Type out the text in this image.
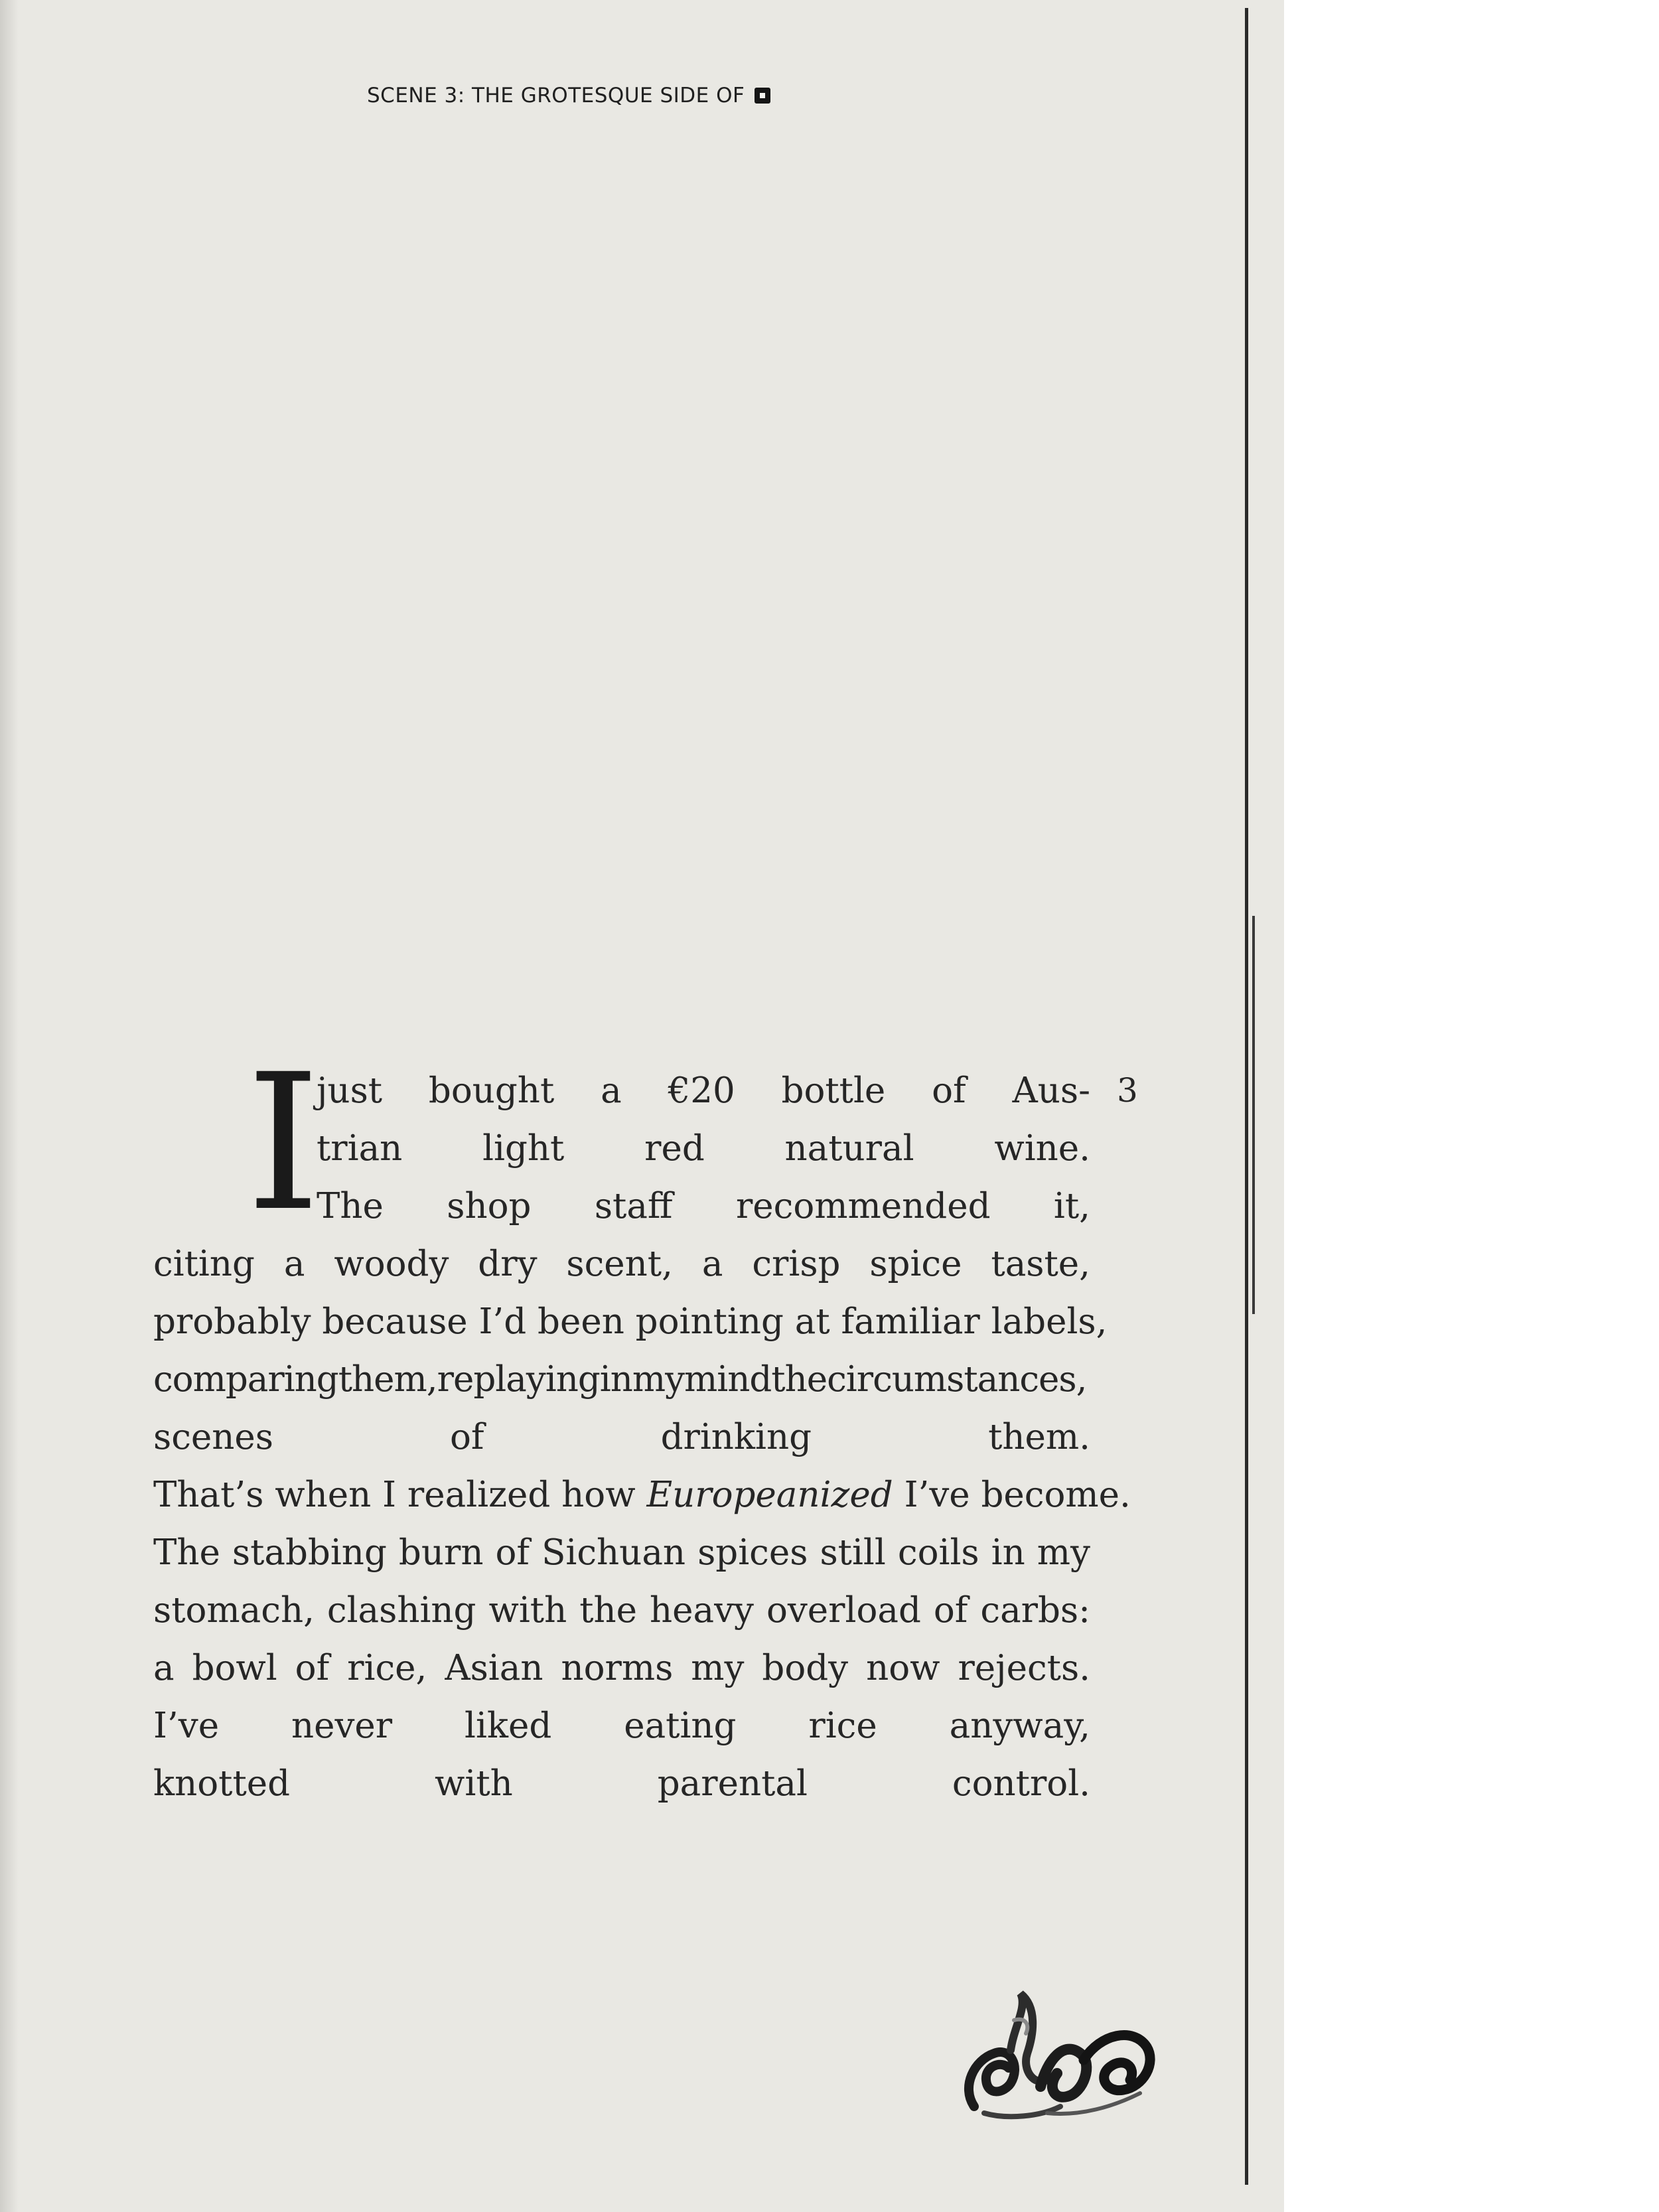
SCENE 3: THE GROTESQUE SIDE OF
I	3
just bought a €20 bottle of Aus-
trian light red natural wine.
The shop staff recommended it,
citing a woody dry scent, a crisp spice taste,
probably because I’d been pointing at familiar labels,
comparingthem,replayinginmymindthecircumstances,
scenes of drinking them.
That’s when I realized how Europeanized I’ve become.
The stabbing burn of Sichuan spices still coils in my
stomach, clashing with the heavy overload of carbs:
a bowl of rice, Asian norms my body now rejects.
I’ve never liked eating rice anyway,
knotted with parental control.
